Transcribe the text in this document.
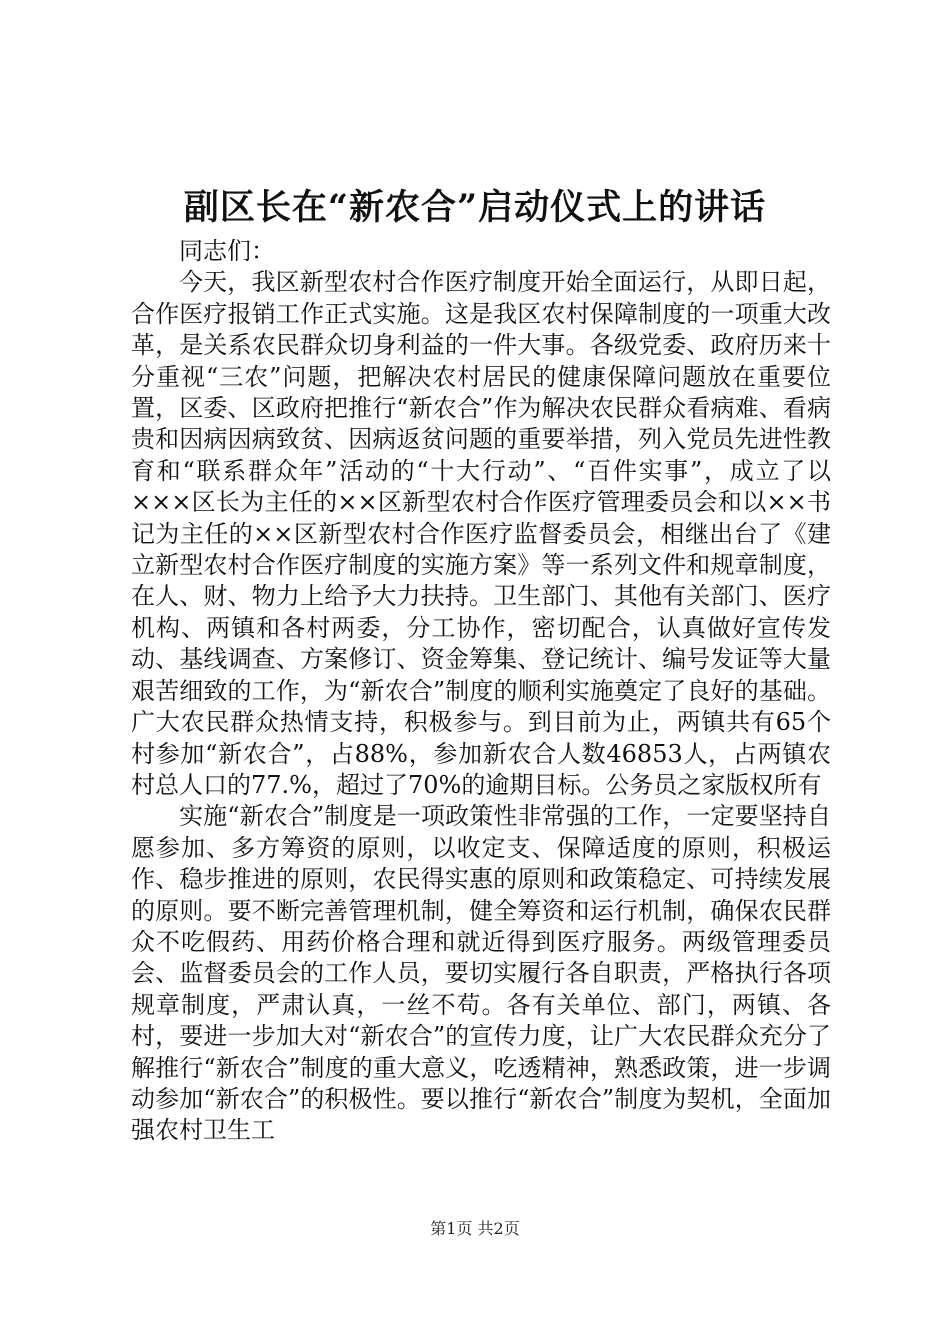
副区长在“新农合”启动仪式上的讲话

同志们：

今天，我区新型农村合作医疗制度开始全面运行，从即日起，合作医疗报销工作正式实施。这是我区农村保障制度的一项重大改革，是关系农民群众切身利益的一件大事。各级党委、政府历来十分重视“三农”问题，把解决农村居民的健康保障问题放在重要位置，区委、区政府把推行“新农合”作为解决农民群众看病难、看病贵和因病因病致贫、因病返贫问题的重要举措，列入党员先进性教育和“联系群众年”活动的“十大行动”、“百件实事”，成立了以×××区长为主任的××区新型农村合作医疗管理委员会和以××书记为主任的××区新型农村合作医疗监督委员会，相继出台了《建立新型农村合作医疗制度的实施方案》等一系列文件和规章制度，在人、财、物力上给予大力扶持。卫生部门、其他有关部门、医疗机构、两镇和各村两委，分工协作，密切配合，认真做好宣传发动、基线调查、方案修订、资金筹集、登记统计、编号发证等大量艰苦细致的工作，为“新农合”制度的顺利实施奠定了良好的基础。广大农民群众热情支持，积极参与。到目前为止，两镇共有65个村参加“新农合”，占88%，参加新农合人数46853人，占两镇农村总人口的77.%，超过了70%的逾期目标。公务员之家版权所有

实施“新农合”制度是一项政策性非常强的工作，一定要坚持自愿参加、多方筹资的原则，以收定支、保障适度的原则，积极运作、稳步推进的原则，农民得实惠的原则和政策稳定、可持续发展的原则。要不断完善管理机制，健全筹资和运行机制，确保农民群众不吃假药、用药价格合理和就近得到医疗服务。两级管理委员会、监督委员会的工作人员，要切实履行各自职责，严格执行各项规章制度，严肃认真，一丝不苟。各有关单位、部门，两镇、各村，要进一步加大对“新农合”的宣传力度，让广大农民群众充分了解推行“新农合”制度的重大意义，吃透精神，熟悉政策，进一步调动参加“新农合”的积极性。要以推行“新农合”制度为契机，全面加强农村卫生工

第1页 共2页
